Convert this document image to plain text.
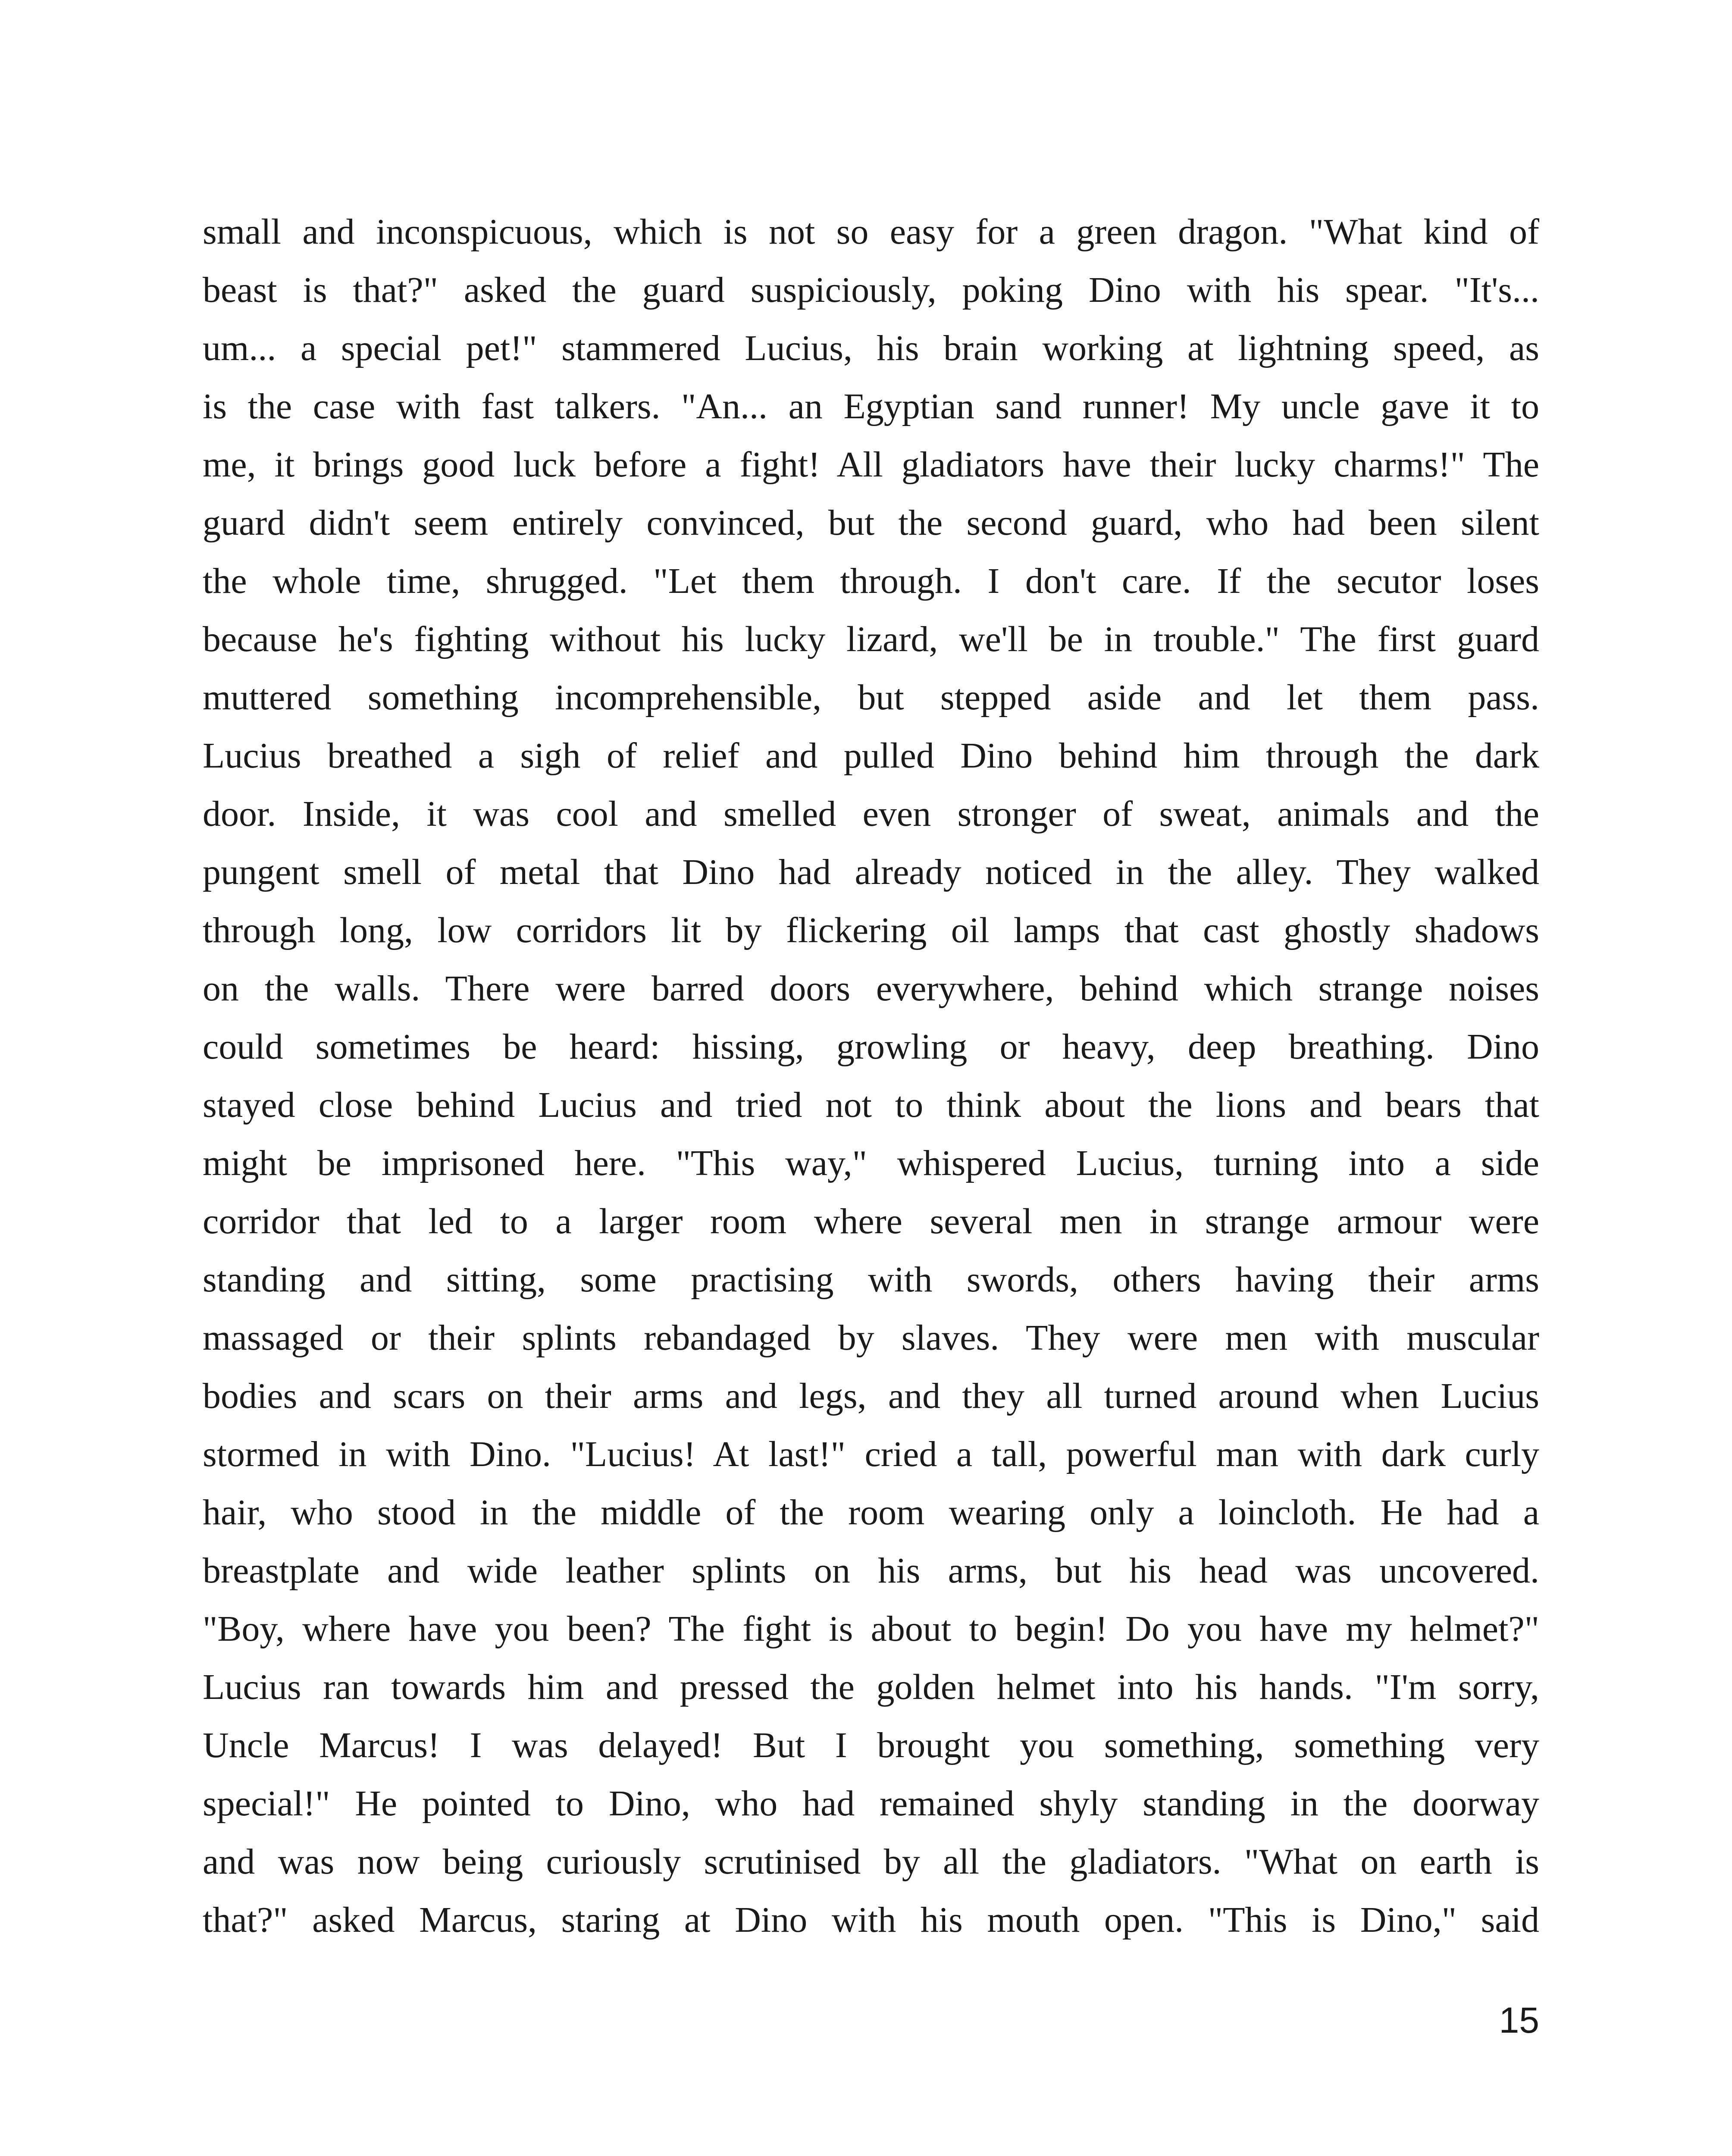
small and inconspicuous, which is not so easy for a green dragon. "What kind of
beast is that?" asked the guard suspiciously, poking Dino with his spear. "It's...
um... a special pet!" stammered Lucius, his brain working at lightning speed, as
is the case with fast talkers. "An... an Egyptian sand runner! My uncle gave it to
me, it brings good luck before a fight! All gladiators have their lucky charms!" The
guard didn't seem entirely convinced, but the second guard, who had been silent
the whole time, shrugged. "Let them through. I don't care. If the secutor loses
because he's fighting without his lucky lizard, we'll be in trouble." The first guard
muttered something incomprehensible, but stepped aside and let them pass.
Lucius breathed a sigh of relief and pulled Dino behind him through the dark
door. Inside, it was cool and smelled even stronger of sweat, animals and the
pungent smell of metal that Dino had already noticed in the alley. They walked
through long, low corridors lit by flickering oil lamps that cast ghostly shadows
on the walls. There were barred doors everywhere, behind which strange noises
could sometimes be heard: hissing, growling or heavy, deep breathing. Dino
stayed close behind Lucius and tried not to think about the lions and bears that
might be imprisoned here. "This way," whispered Lucius, turning into a side
corridor that led to a larger room where several men in strange armour were
standing and sitting, some practising with swords, others having their arms
massaged or their splints rebandaged by slaves. They were men with muscular
bodies and scars on their arms and legs, and they all turned around when Lucius
stormed in with Dino. "Lucius! At last!" cried a tall, powerful man with dark curly
hair, who stood in the middle of the room wearing only a loincloth. He had a
breastplate and wide leather splints on his arms, but his head was uncovered.
"Boy, where have you been? The fight is about to begin! Do you have my helmet?"
Lucius ran towards him and pressed the golden helmet into his hands. "I'm sorry,
Uncle Marcus! I was delayed! But I brought you something, something very
special!" He pointed to Dino, who had remained shyly standing in the doorway
and was now being curiously scrutinised by all the gladiators. "What on earth is
that?" asked Marcus, staring at Dino with his mouth open. "This is Dino," said
15
